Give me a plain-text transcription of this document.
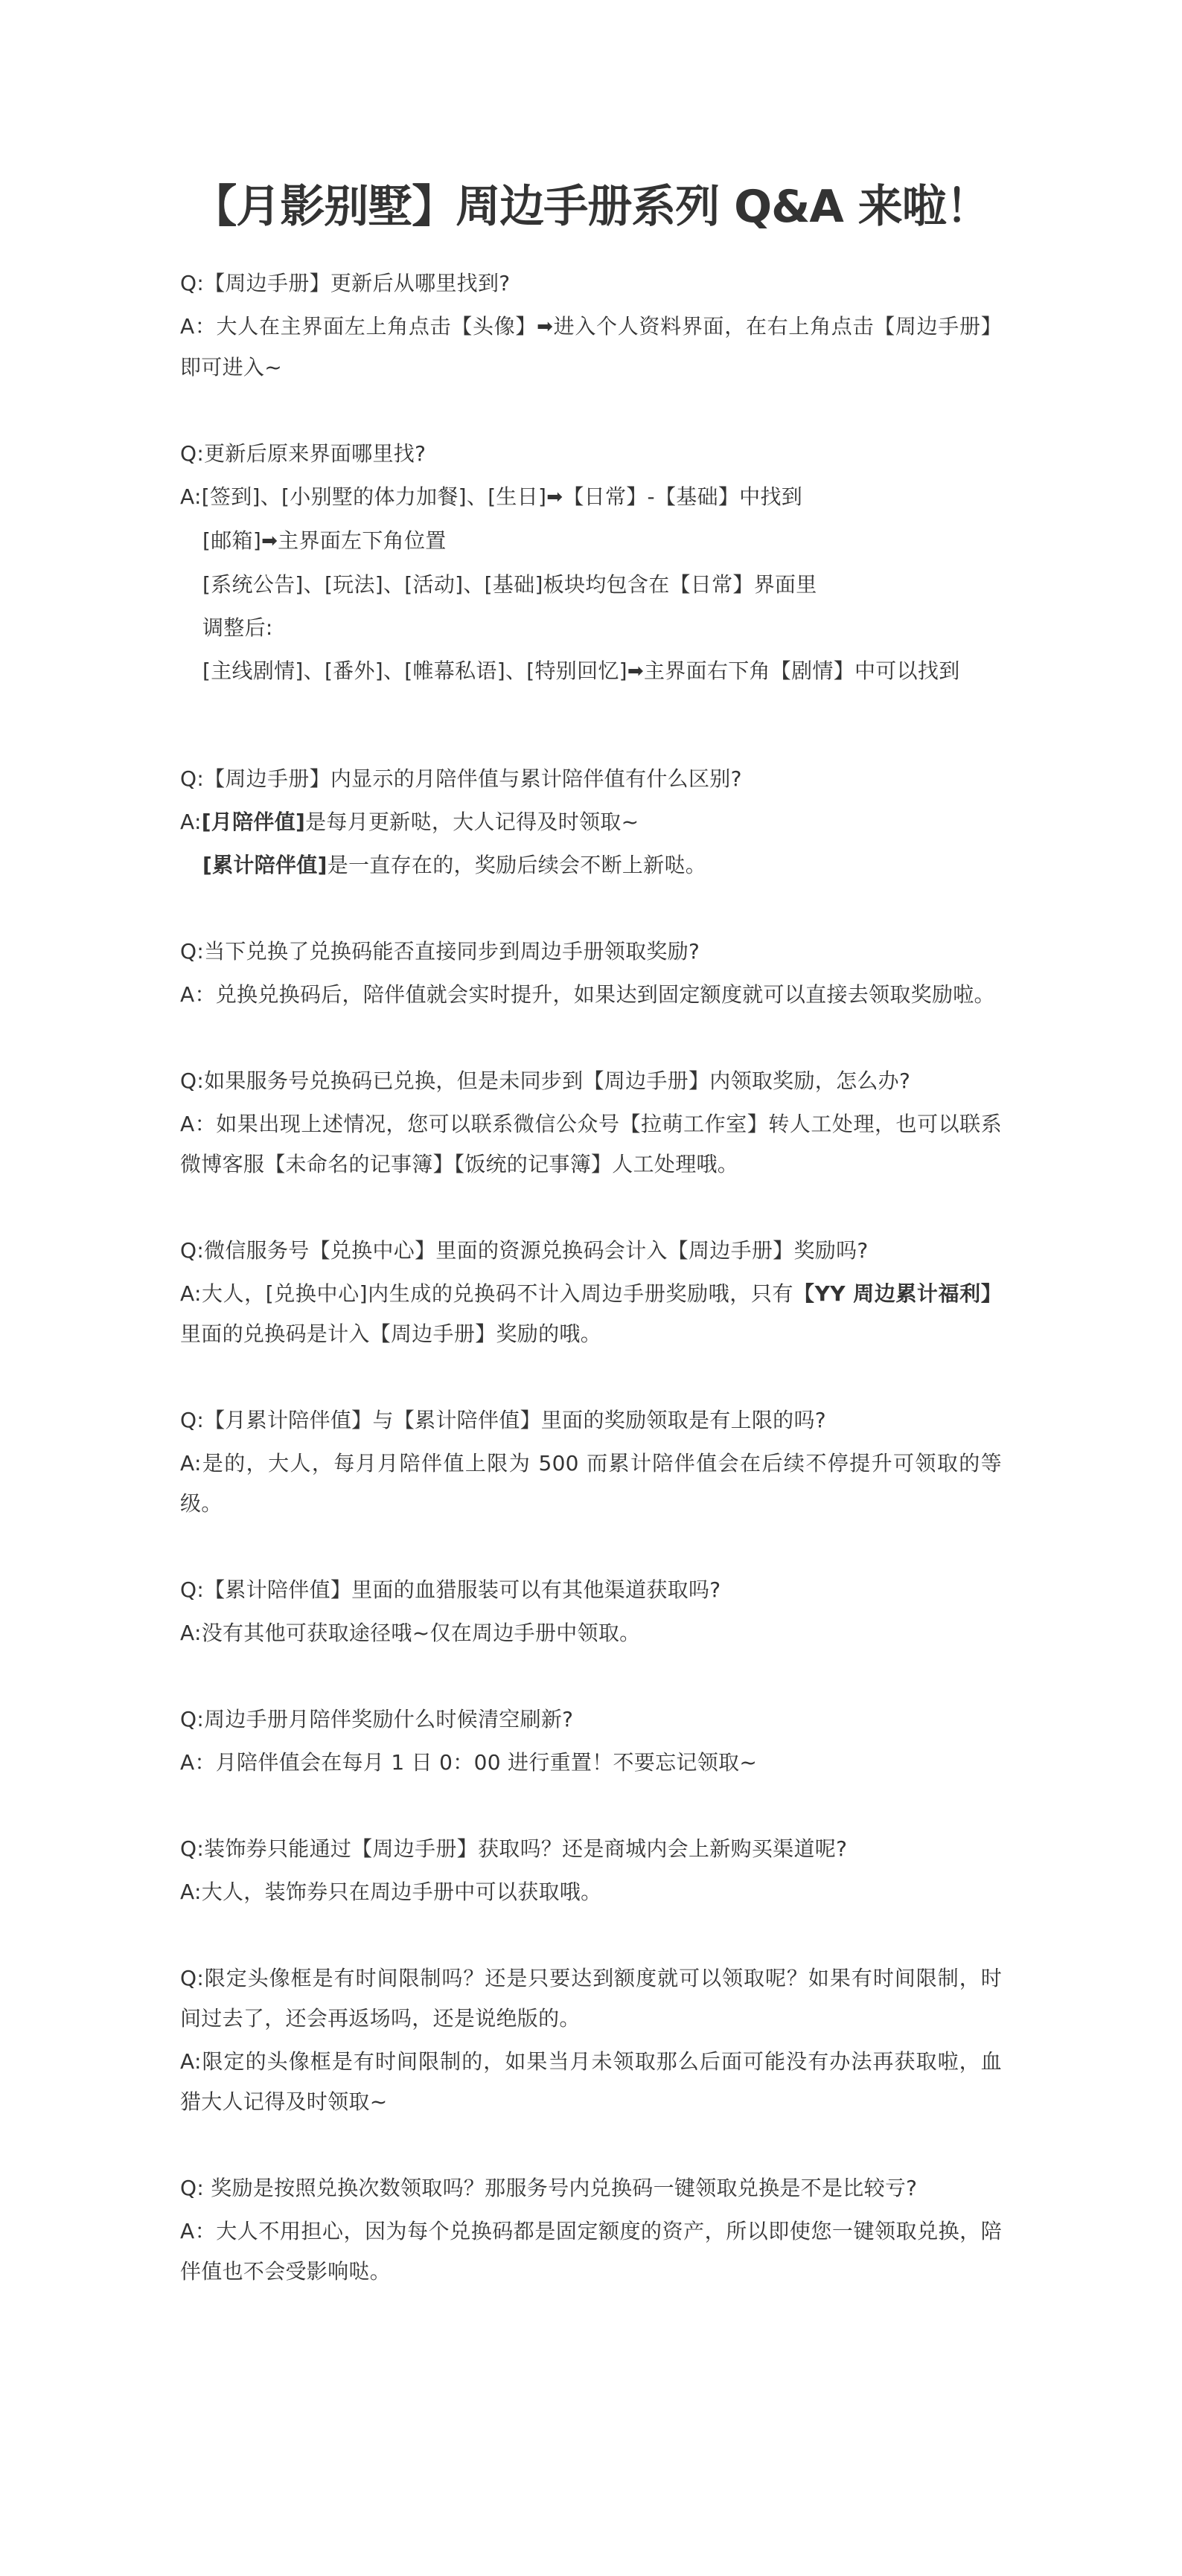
【月影别墅】周边手册系列 Q&A 来啦！

Q:【周边手册】更新后从哪里找到?

A：大人在主界面左上角点击【头像】➡进入个人资料界面，在右上角点击【周边手册】即可进入~

Q:更新后原来界面哪里找?

A:[签到]、[小别墅的体力加餐]、[生日]➡【日常】-【基础】中找到

[邮箱]➡主界面左下角位置

[系统公告]、[玩法]、[活动]、[基础]板块均包含在【日常】界面里

调整后:

[主线剧情]、[番外]、[帷幕私语]、[特别回忆]➡主界面右下角【剧情】中可以找到

Q:【周边手册】内显示的月陪伴值与累计陪伴值有什么区别?

A:[月陪伴值]是每月更新哒，大人记得及时领取~

[累计陪伴值]是一直存在的，奖励后续会不断上新哒。

Q:当下兑换了兑换码能否直接同步到周边手册领取奖励?

A：兑换兑换码后，陪伴值就会实时提升，如果达到固定额度就可以直接去领取奖励啦。

Q:如果服务号兑换码已兑换，但是未同步到【周边手册】内领取奖励，怎么办?

A：如果出现上述情况，您可以联系微信公众号【拉萌工作室】转人工处理，也可以联系微博客服【未命名的记事簿】【饭统的记事簿】人工处理哦。

Q:微信服务号【兑换中心】里面的资源兑换码会计入【周边手册】奖励吗?

A:大人，[兑换中心]内生成的兑换码不计入周边手册奖励哦，只有【YY 周边累计福利】里面的兑换码是计入【周边手册】奖励的哦。

Q:【月累计陪伴值】与【累计陪伴值】里面的奖励领取是有上限的吗?

A:是的，大人，每月月陪伴值上限为 500 而累计陪伴值会在后续不停提升可领取的等级。

Q:【累计陪伴值】里面的血猎服装可以有其他渠道获取吗?

A:没有其他可获取途径哦~仅在周边手册中领取。

Q:周边手册月陪伴奖励什么时候清空刷新?

A：月陪伴值会在每月 1 日 0：00 进行重置！不要忘记领取~

Q:装饰券只能通过【周边手册】获取吗？还是商城内会上新购买渠道呢?

A:大人，装饰券只在周边手册中可以获取哦。

Q:限定头像框是有时间限制吗？还是只要达到额度就可以领取呢？如果有时间限制，时间过去了，还会再返场吗，还是说绝版的。

A:限定的头像框是有时间限制的，如果当月未领取那么后面可能没有办法再获取啦，血猎大人记得及时领取~

Q: 奖励是按照兑换次数领取吗？那服务号内兑换码一键领取兑换是不是比较亏?

A：大人不用担心，因为每个兑换码都是固定额度的资产，所以即使您一键领取兑换，陪伴值也不会受影响哒。
